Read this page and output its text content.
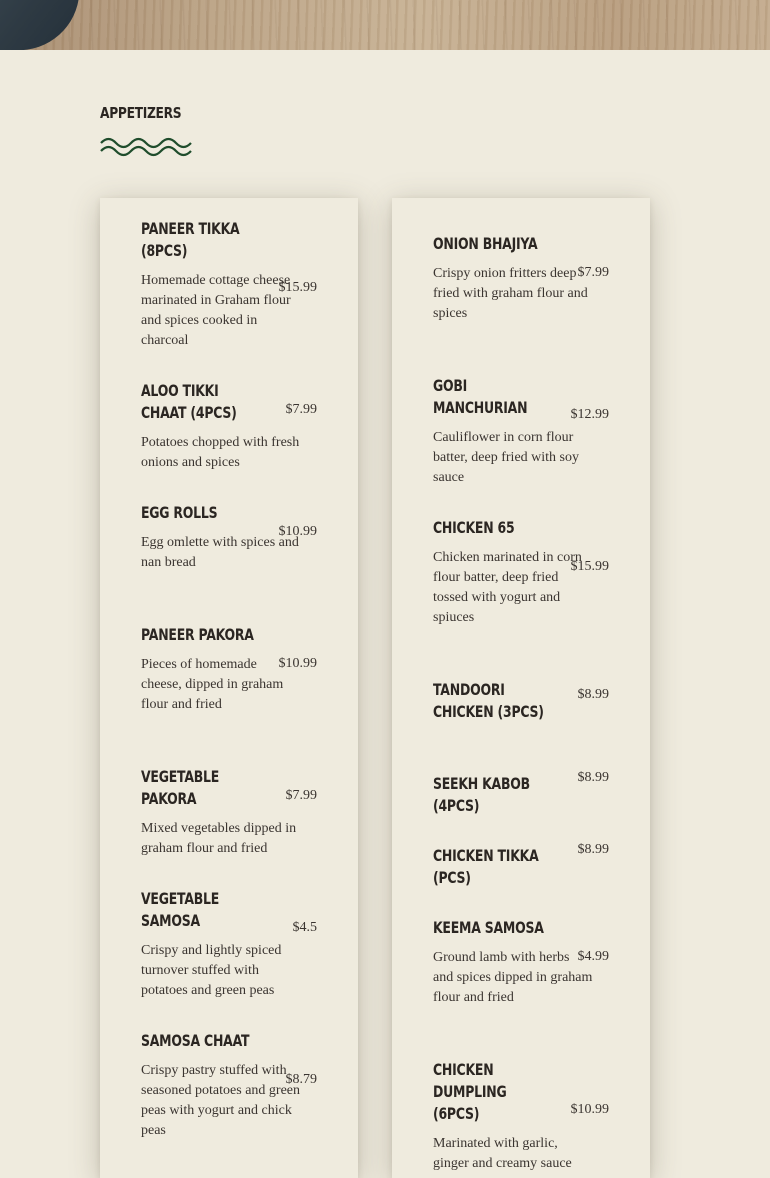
APPETIZERS
PANEER TIKKA (8PCS)

Homemade cottage cheese marinated in Graham flour and spices cooked in charcoal

$15.99
ALOO TIKKI CHAAT (4PCS)

Potatoes chopped with fresh onions and spices

$7.99
EGG ROLLS

Egg omlette with spices and nan bread

$10.99
PANEER PAKORA

Pieces of homemade cheese, dipped in graham flour and fried

$10.99
VEGETABLE PAKORA

Mixed vegetables dipped in graham flour and fried

$7.99
VEGETABLE SAMOSA

Crispy and lightly spiced turnover stuffed with potatoes and green peas

$4.5
SAMOSA CHAAT

Crispy pastry stuffed with seasoned potatoes and green peas with yogurt and chick peas

$8.79
ONION BHAJIYA

Crispy onion fritters deep fried with graham flour and spices

$7.99
GOBI MANCHURIAN

Cauliflower in corn flour batter, deep fried with soy sauce

$12.99
CHICKEN 65

Chicken marinated in corn flour batter, deep fried tossed with yogurt and spiuces

$15.99
TANDOORI CHICKEN (3PCS)
$8.99
SEEKH KABOB (4PCS)
$8.99
CHICKEN TIKKA (PCS)
$8.99
KEEMA SAMOSA

Ground lamb with herbs and spices dipped in graham flour and fried

$4.99
CHICKEN DUMPLING (6PCS)

Marinated with garlic, ginger and creamy sauce

$10.99
